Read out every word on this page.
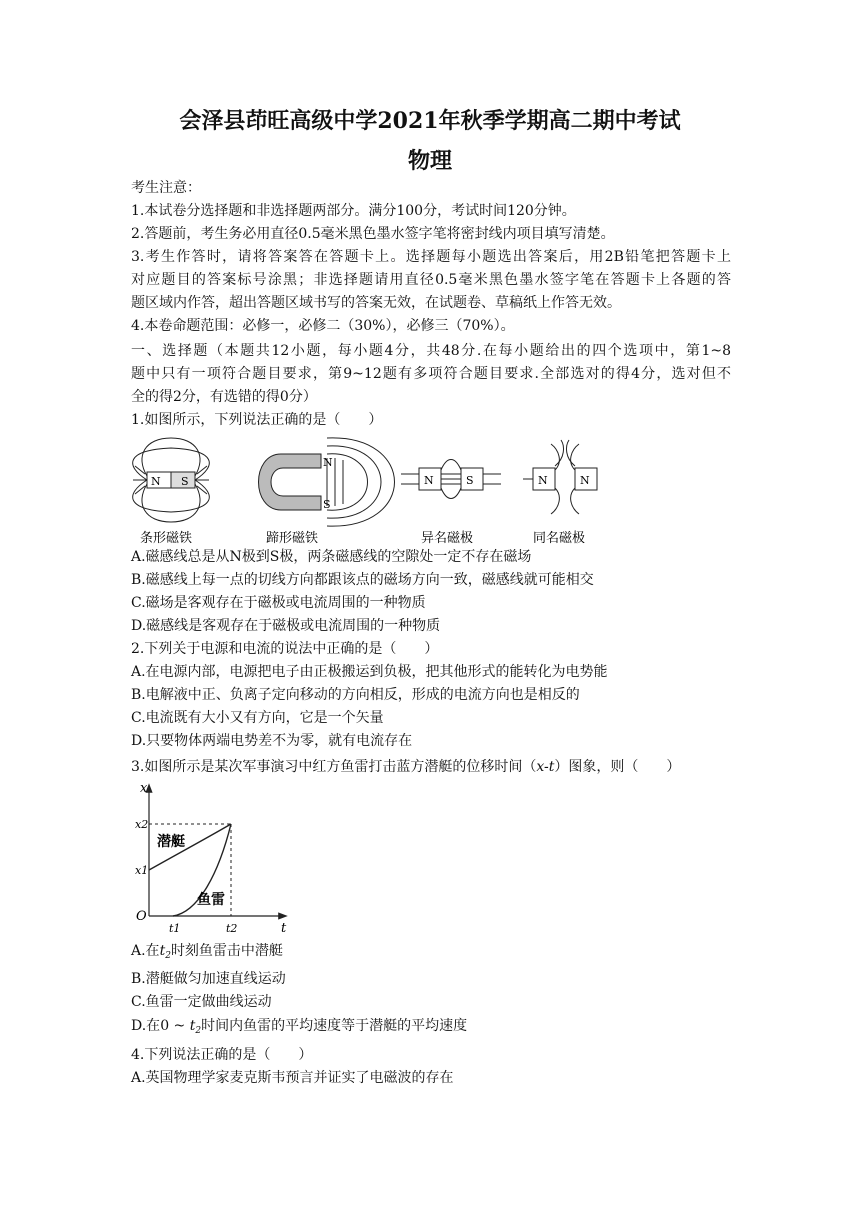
会泽县茚旺高级中学2021年秋季学期高二期中考试
物理
考生注意：
1.本试卷分选择题和非选择题两部分。满分100分，考试时间120分钟。
2.答题前，考生务必用直径0.5毫米黑色墨水签字笔将密封线内项目填写清楚。
3.考生作答时，请将答案答在答题卡上。选择题每小题选出答案后，用2B铅笔把答题卡上
对应题目的答案标号涂黑；非选择题请用直径0.5毫米黑色墨水签字笔在答题卡上各题的答
题区域内作答，超出答题区域书写的答案无效，在试题卷、草稿纸上作答无效。
4.本卷命题范围：必修一，必修二（30%），必修三（70%）。
一、选择题（本题共12小题，每小题4分，共48分.在每小题给出的四个选项中，第1~8
题中只有一项符合题目要求，第9~12题有多项符合题目要求.全部选对的得4分，选对但不
全的得2分，有选错的得0分）
1.如图所示，下列说法正确的是（　　）
N S
N
S
N	S	N	N
条形磁铁	蹄形磁铁	异名磁极	同名磁极
A.磁感线总是从N极到S极，两条磁感线的空隙处一定不存在磁场
B.磁感线上每一点的切线方向都跟该点的磁场方向一致，磁感线就可能相交
C.磁场是客观存在于磁极或电流周围的一种物质
D.磁感线是客观存在于磁极或电流周围的一种物质
2.下列关于电源和电流的说法中正确的是（　　）
A.在电源内部，电源把电子由正极搬运到负极，把其他形式的能转化为电势能
B.电解液中正、负离子定向移动的方向相反，形成的电流方向也是相反的
C.电流既有大小又有方向，它是一个矢量
D.只要物体两端电势差不为零，就有电流存在
3.如图所示是某次军事演习中红方鱼雷打击蓝方潜艇的位移时间（x-t）图象，则（　　）
x
t
O
x2
x1
t1	t2
潜艇
鱼雷
A.在$t_2$时刻鱼雷击中潜艇
B.潜艇做匀加速直线运动
C.鱼雷一定做曲线运动
D.在0 ~ $t_2$时间内鱼雷的平均速度等于潜艇的平均速度
4.下列说法正确的是（　　）
A.英国物理学家麦克斯韦预言并证实了电磁波的存在
